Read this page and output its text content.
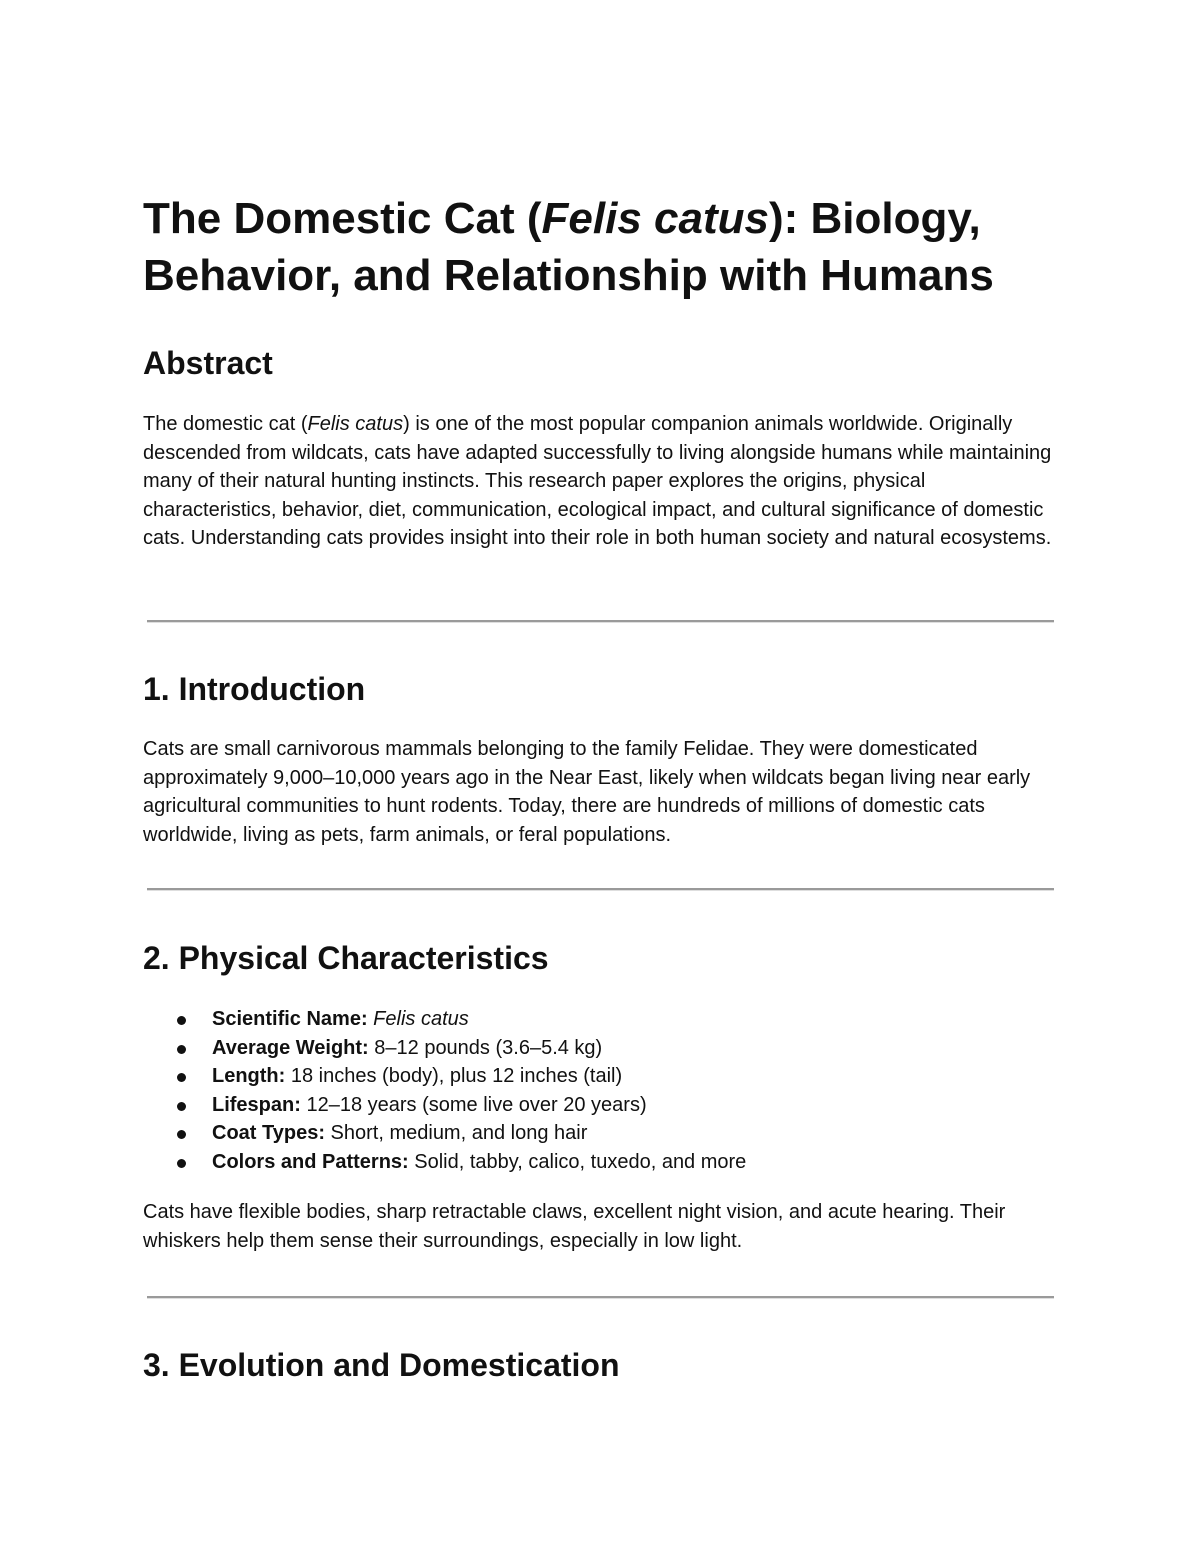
The Domestic Cat (Felis catus): Biology,
Behavior, and Relationship with Humans
Abstract

The domestic cat (Felis catus) is one of the most popular companion animals worldwide. Originally descended from wildcats, cats have adapted successfully to living alongside humans while maintaining many of their natural hunting instincts. This research paper explores the origins, physical characteristics, behavior, diet, communication, ecological impact, and cultural significance of domestic cats. Understanding cats provides insight into their role in both human society and natural ecosystems.

1. Introduction

Cats are small carnivorous mammals belonging to the family Felidae. They were domesticated approximately 9,000–10,000 years ago in the Near East, likely when wildcats began living near early agricultural communities to hunt rodents. Today, there are hundreds of millions of domestic cats worldwide, living as pets, farm animals, or feral populations.

2. Physical Characteristics
Scientific Name: Felis catus
Average Weight: 8–12 pounds (3.6–5.4 kg)
Length: 18 inches (body), plus 12 inches (tail)
Lifespan: 12–18 years (some live over 20 years)
Coat Types: Short, medium, and long hair
Colors and Patterns: Solid, tabby, calico, tuxedo, and more

Cats have flexible bodies, sharp retractable claws, excellent night vision, and acute hearing. Their whiskers help them sense their surroundings, especially in low light.

3. Evolution and Domestication
